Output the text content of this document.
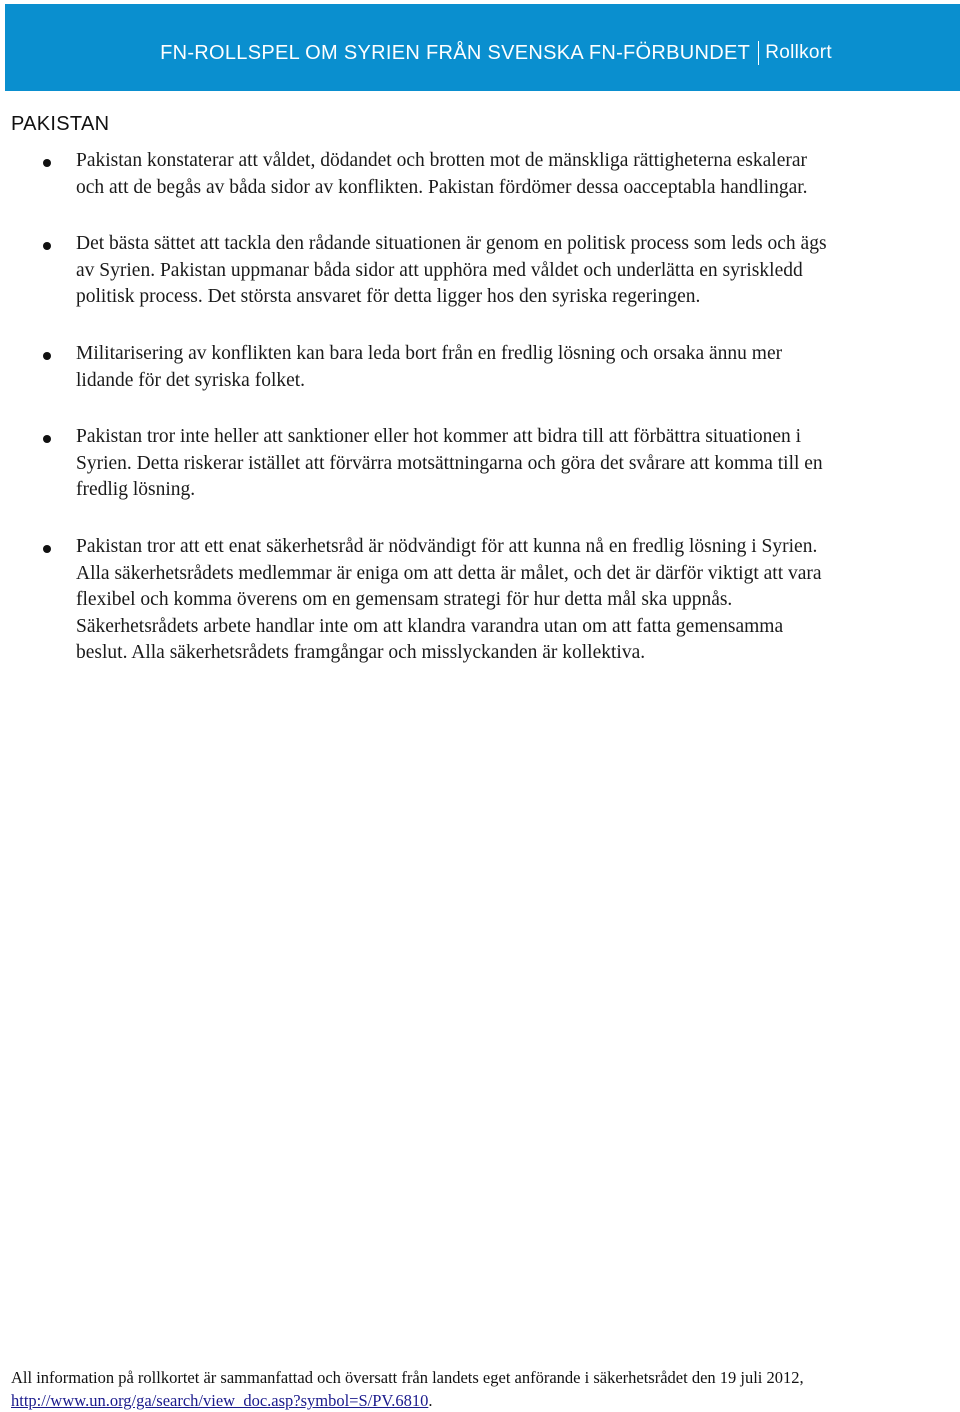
FN-ROLLSPEL OM SYRIEN FRÅN SVENSKA FN-FÖRBUNDET Rollkort
PAKISTAN
Pakistan konstaterar att våldet, dödandet och brotten mot de mänskliga rättigheterna eskalerar och att de begås av båda sidor av konflikten. Pakistan fördömer dessa oacceptabla handlingar.
Det bästa sättet att tackla den rådande situationen är genom en politisk process som leds och ägs av Syrien. Pakistan uppmanar båda sidor att upphöra med våldet och underlätta en syriskledd politisk process. Det största ansvaret för detta ligger hos den syriska regeringen.
Militarisering av konflikten kan bara leda bort från en fredlig lösning och orsaka ännu mer lidande för det syriska folket.
Pakistan tror inte heller att sanktioner eller hot kommer att bidra till att förbättra situationen i Syrien. Detta riskerar istället att förvärra motsättningarna och göra det svårare att komma till en fredlig lösning.
Pakistan tror att ett enat säkerhetsråd är nödvändigt för att kunna nå en fredlig lösning i Syrien. Alla säkerhetsrådets medlemmar är eniga om att detta är målet, och det är därför viktigt att vara flexibel och komma överens om en gemensam strategi för hur detta mål ska uppnås. Säkerhetsrådets arbete handlar inte om att klandra varandra utan om att fatta gemensamma beslut. Alla säkerhetsrådets framgångar och misslyckanden är kollektiva.
All information på rollkortet är sammanfattad och översatt från landets eget anförande i säkerhetsrådet den 19 juli 2012, http://www.un.org/ga/search/view_doc.asp?symbol=S/PV.6810.
